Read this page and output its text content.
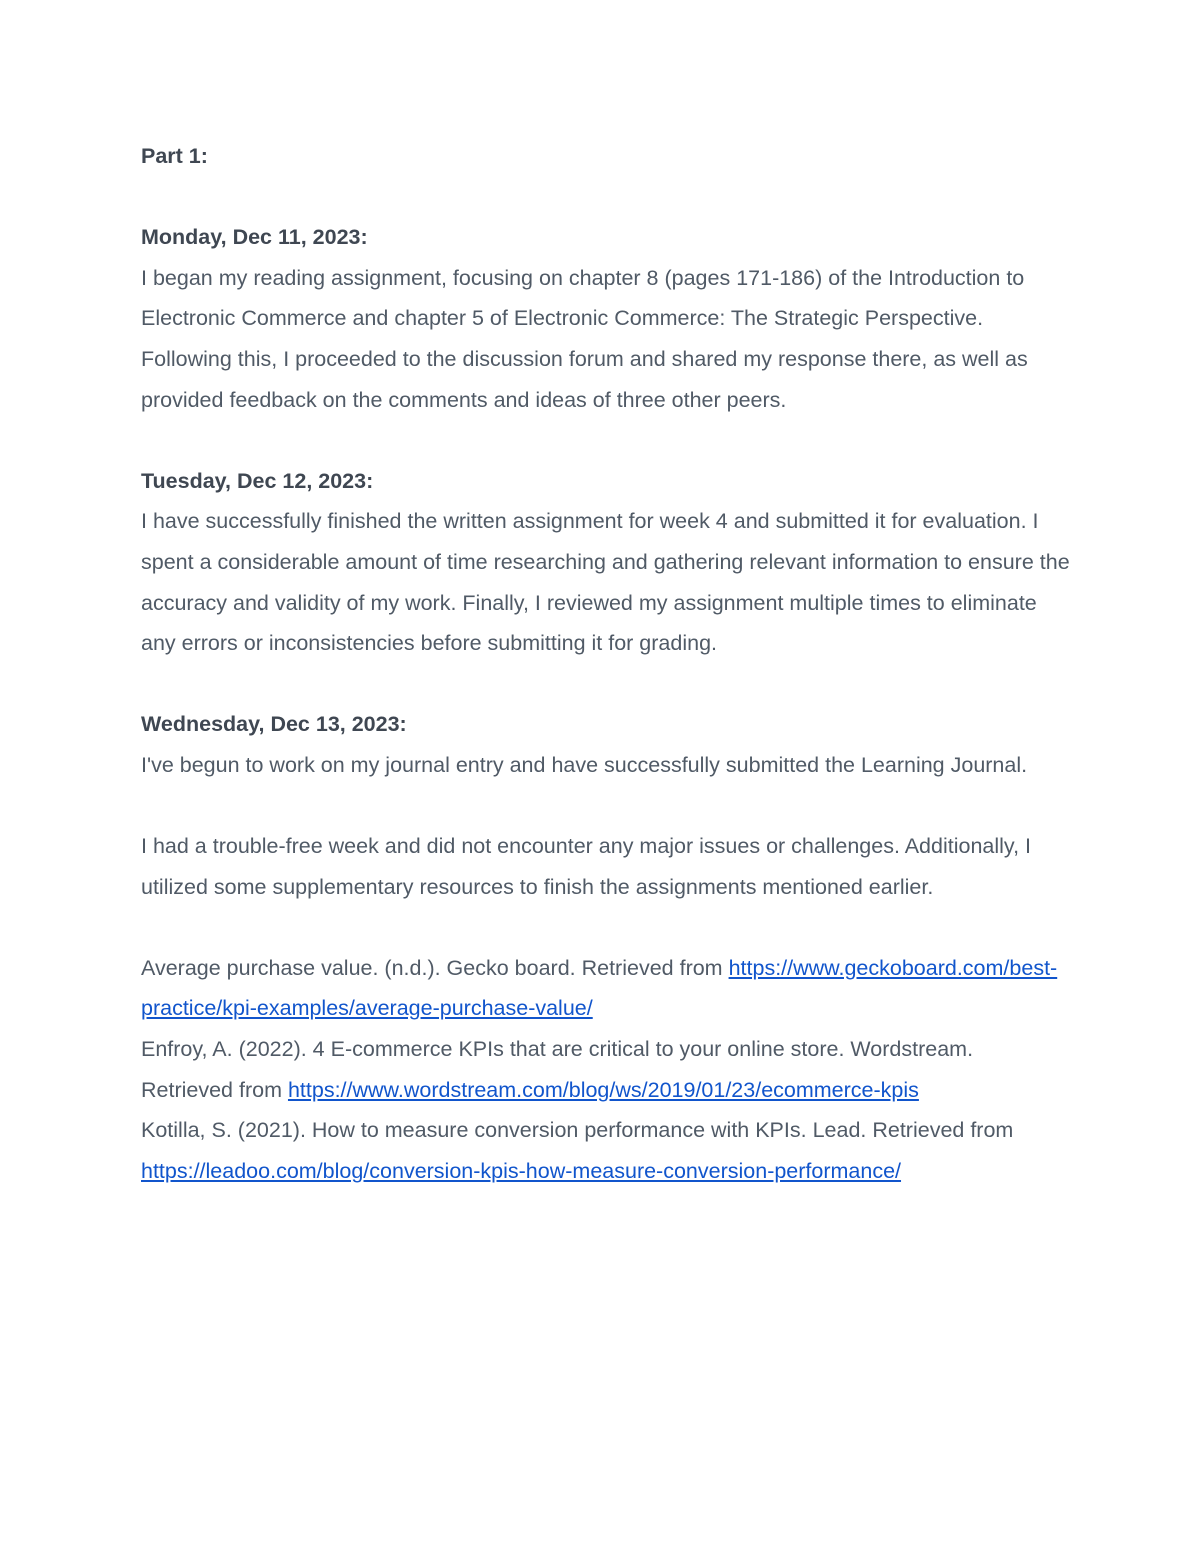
Part 1:

Monday, Dec 11, 2023:

I began my reading assignment, focusing on chapter 8 (pages 171-186) of the Introduction to Electronic Commerce and chapter 5 of Electronic Commerce: The Strategic Perspective. Following this, I proceeded to the discussion forum and shared my response there, as well as provided feedback on the comments and ideas of three other peers.

Tuesday, Dec 12, 2023:

I have successfully finished the written assignment for week 4 and submitted it for evaluation. I spent a considerable amount of time researching and gathering relevant information to ensure the accuracy and validity of my work. Finally, I reviewed my assignment multiple times to eliminate any errors or inconsistencies before submitting it for grading.

Wednesday, Dec 13, 2023:

I've begun to work on my journal entry and have successfully submitted the Learning Journal.

I had a trouble-free week and did not encounter any major issues or challenges. Additionally, I utilized some supplementary resources to finish the assignments mentioned earlier.

Average purchase value. (n.d.). Gecko board. Retrieved from https://www.geckoboard.com/best-practice/kpi-examples/average-purchase-value/

Enfroy, A. (2022). 4 E-commerce KPIs that are critical to your online store. Wordstream. Retrieved from https://www.wordstream.com/blog/ws/2019/01/23/ecommerce-kpis

Kotilla, S. (2021). How to measure conversion performance with KPIs. Lead. Retrieved from https://leadoo.com/blog/conversion-kpis-how-measure-conversion-performance/
